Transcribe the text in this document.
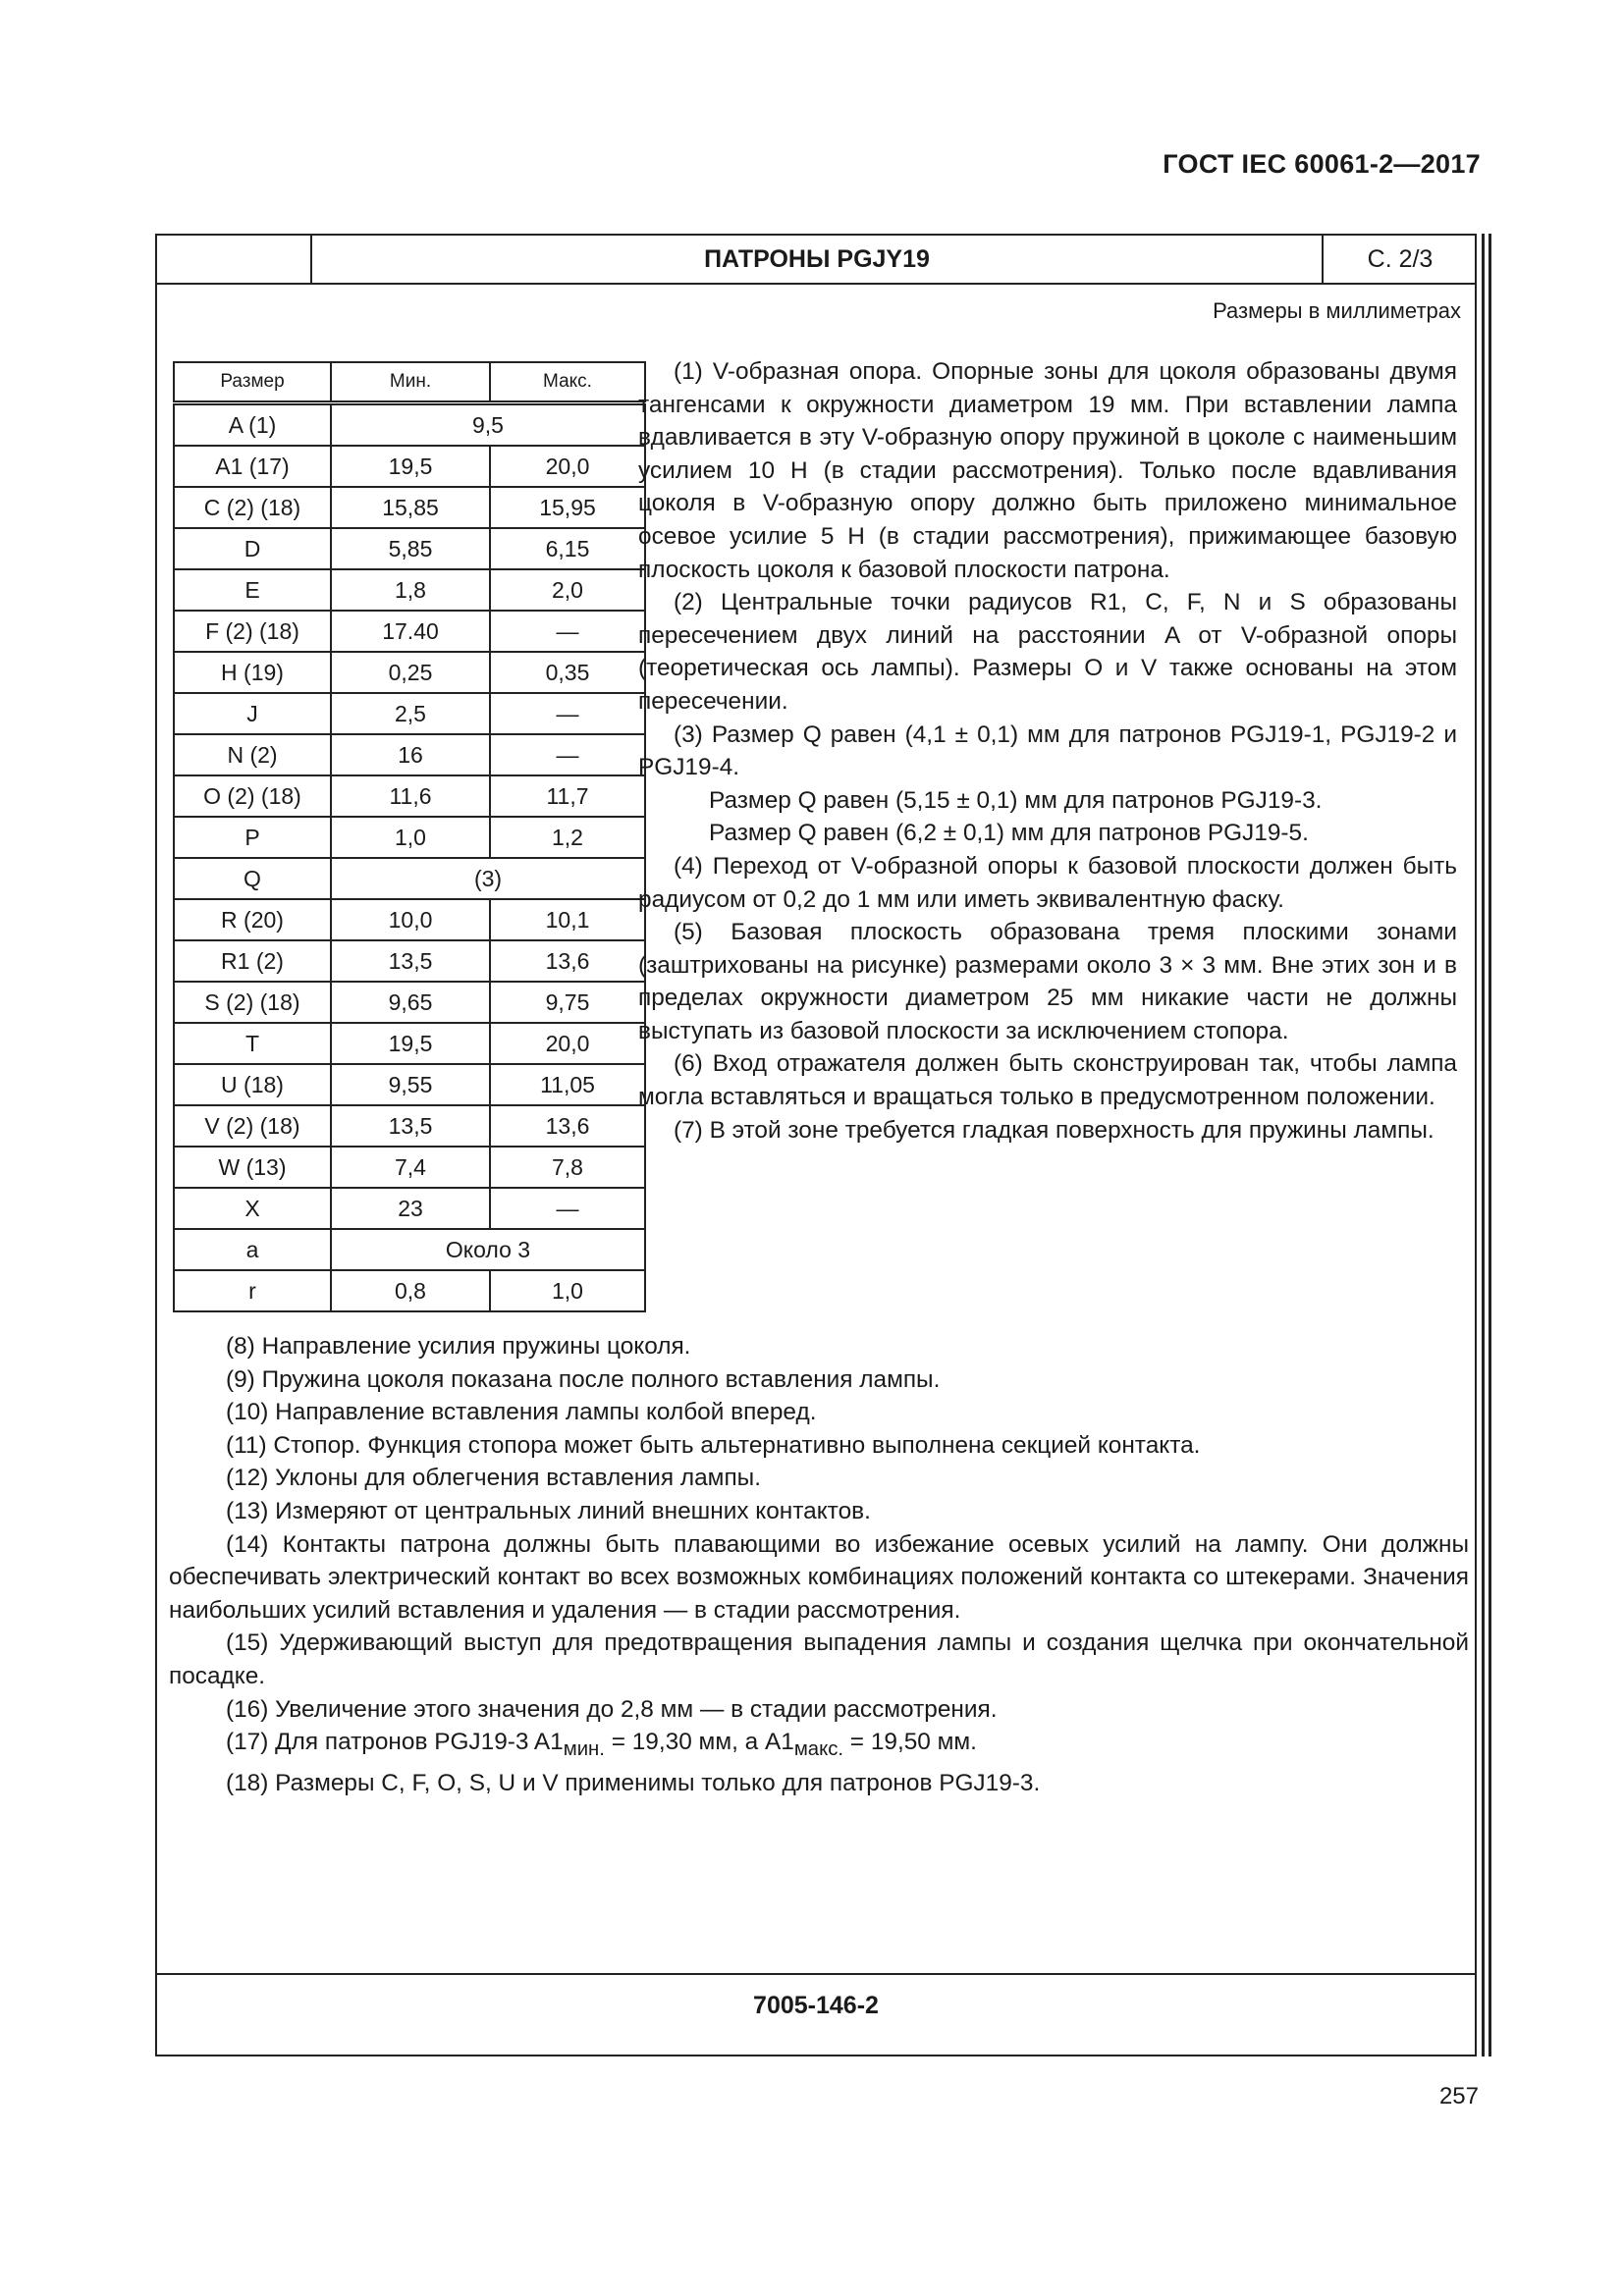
ГОСТ IEC 60061-2—2017
ПАТРОНЫ PGJY19	С. 2/3
Размеры в миллиметрах
Размер	Мин.	Макс.
A (1)	9,5	
A1 (17)	19,5	20,0
C (2) (18)	15,85	15,95
D	5,85	6,15
E	1,8	2,0
F (2) (18)	17.40	—
H (19)	0,25	0,35
J	2,5	—
N (2)	16	—
O (2) (18)	11,6	11,7
P	1,0	1,2
Q	(3)	
R (20)	10,0	10,1
R1 (2)	13,5	13,6
S (2) (18)	9,65	9,75
T	19,5	20,0
U (18)	9,55	11,05
V (2) (18)	13,5	13,6
W (13)	7,4	7,8
X	23	—
a	Около 3	
r	0,8	1,0

(1) V-образная опора. Опорные зоны для цоколя образованы двумя тангенсами к окружности диаметром 19 мм. При вставлении лампа вдавливается в эту V-образную опору пружиной в цоколе с наименьшим усилием 10 Н (в стадии рассмотрения). Только после вдавливания цоколя в V-образную опору должно быть приложено минимальное осевое усилие 5 Н (в стадии рассмотрения), прижимающее базовую плоскость цоколя к базовой плоскости патрона.

(2) Центральные точки радиусов R1, C, F, N и S образованы пересечением двух линий на расстоянии A от V-образной опоры (теоретическая ось лампы). Размеры O и V также основаны на этом пересечении.

(3) Размер Q равен (4,1 ± 0,1) мм для патронов PGJ19-1, PGJ19-2 и PGJ19-4.

Размер Q равен (5,15 ± 0,1) мм для патронов PGJ19-3.

Размер Q равен (6,2 ± 0,1) мм для патронов PGJ19-5.

(4) Переход от V-образной опоры к базовой плоскости должен быть радиусом от 0,2 до 1 мм или иметь эквивалентную фаску.

(5) Базовая плоскость образована тремя плоскими зонами (заштрихованы на рисунке) размерами около 3 × 3 мм. Вне этих зон и в пределах окружности диаметром 25 мм никакие части не должны выступать из базовой плоскости за исключением стопора.

(6) Вход отражателя должен быть сконструирован так, чтобы лампа могла вставляться и вращаться только в предусмотренном положении.

(7) В этой зоне требуется гладкая поверхность для пружины лампы.

(8) Направление усилия пружины цоколя.

(9) Пружина цоколя показана после полного вставления лампы.

(10) Направление вставления лампы колбой вперед.

(11) Стопор. Функция стопора может быть альтернативно выполнена секцией контакта.

(12) Уклоны для облегчения вставления лампы.

(13) Измеряют от центральных линий внешних контактов.

(14) Контакты патрона должны быть плавающими во избежание осевых усилий на лампу. Они должны обеспечивать электрический контакт во всех возможных комбинациях положений контакта со штекерами. Значения наибольших усилий вставления и удаления — в стадии рассмотрения.

(15) Удерживающий выступ для предотвращения выпадения лампы и создания щелчка при окончательной посадке.

(16) Увеличение этого значения до 2,8 мм — в стадии рассмотрения.

(17) Для патронов PGJ19-3 $A1_{мин.} = 19,30$ мм, а $A1_{макс.} = 19,50$ мм.

(18) Размеры C, F, O, S, U и V применимы только для патронов PGJ19-3.

7005-146-2
257
